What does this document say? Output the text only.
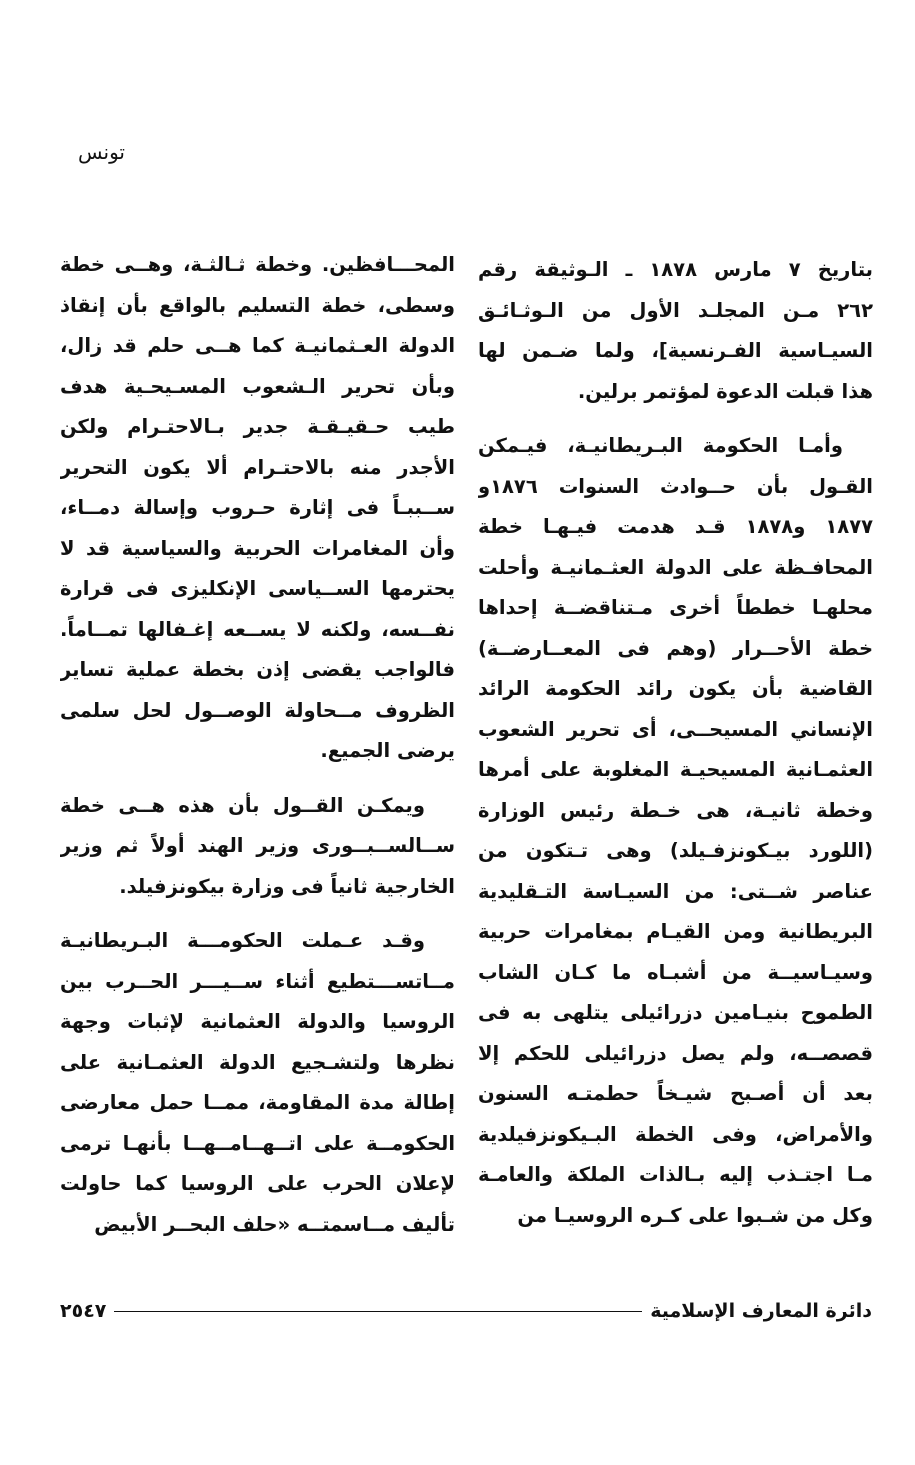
تونس
بتاريخ ٧ مارس ١٨٧٨ ـ الـوثيقة رقم
٢٦٢ مـن المجلـد الأول من الـوثـائـق
السيـاسية الفـرنسية]، ولما ضـمن لها
هذا قبلت الدعوة لمؤتمر برلين.
وأمـا الحكومة البـريطانيـة، فيـمكن
القـول بأن حــوادث السنوات ١٨٧٦و
١٨٧٧ و١٨٧٨ قـد هدمت فيـهـا خطة
المحافـظة على الدولة العثـمانيـة وأحلت
محلهـا خططاً أخرى مـتناقضــة إحداها
خطة الأحــرار (وهم فى المعــارضــة)
القاضية بأن يكون رائد الحكومة الرائد
الإنساني المسيحــى، أى تحرير الشعوب
العثمـانية المسيحيـة المغلوبة على أمرها
وخطة ثانيـة، هى خـطة رئيس الوزارة
(اللورد بيـكونزفـيلد) وهى تـتكون من
عناصر شــتى: من السيـاسة التـقليدية
البريطانية ومن القيـام بمغامرات حربية
وسيـاسيــة من أشبـاه ما كـان الشاب
الطموح بنيـامين دزرائيلى يتلهى به فى
قصصــه، ولم يصل دزرائيلى للحكم إلا
بعد أن أصـبح شيـخاً حطمتـه السنون
والأمراض، وفى الخطة البـيكونزفيلدية
مـا اجتـذب إليه بـالذات الملكة والعامـة
وكل من شـبوا على كـره الروسيـا من
المحـــافظين. وخطة ثـالثـة، وهــى خطة
وسطى، خطة التسليم بالواقع بأن إنقاذ
الدولة العـثمانيـة كما هــى حلم قد زال،
وبأن تحرير الـشعوب المسـيحـية هدف
طيب حـقيـقـة جدير بـالاحتـرام ولكن
الأجدر منه بالاحتـرام ألا يكون التحرير
ســببـاً فى إثارة حـروب وإسالة دمــاء،
وأن المغامرات الحربية والسياسية قد لا
يحترمها الســياسى الإنكليزى فى قرارة
نفــسه، ولكنه لا يســعه إغـفالها تمــاماً.
فالواجب يقضى إذن بخطة عملية تساير
الظروف مــحاولة الوصــول لحل سلمى
يرضى الجميع.
ويمكـن القــول بأن هذه هــى خطة
ســالســبــورى وزير الهند أولاً ثم وزير
الخارجية ثانياً فى وزارة بيكونزفيلد.
وقـد عـملت الحكومـــة البـريطانيـة
مــاتســـتطيع أثناء ســيـــر الحــرب بين
الروسيا والدولة العثمانية لإثبات وجهة
نظرها ولتشـجيع الدولة العثمـانية على
إطالة مدة المقاومة، ممــا حمل معارضى
الحكومــة على اتــهــامــهــا بأنهـا ترمى
لإعلان الحرب على الروسيا كما حاولت
تأليف مــاسمتــه «حلف البحــر الأبيض
دائرة المعارف الإسلامية
٢٥٤٧
